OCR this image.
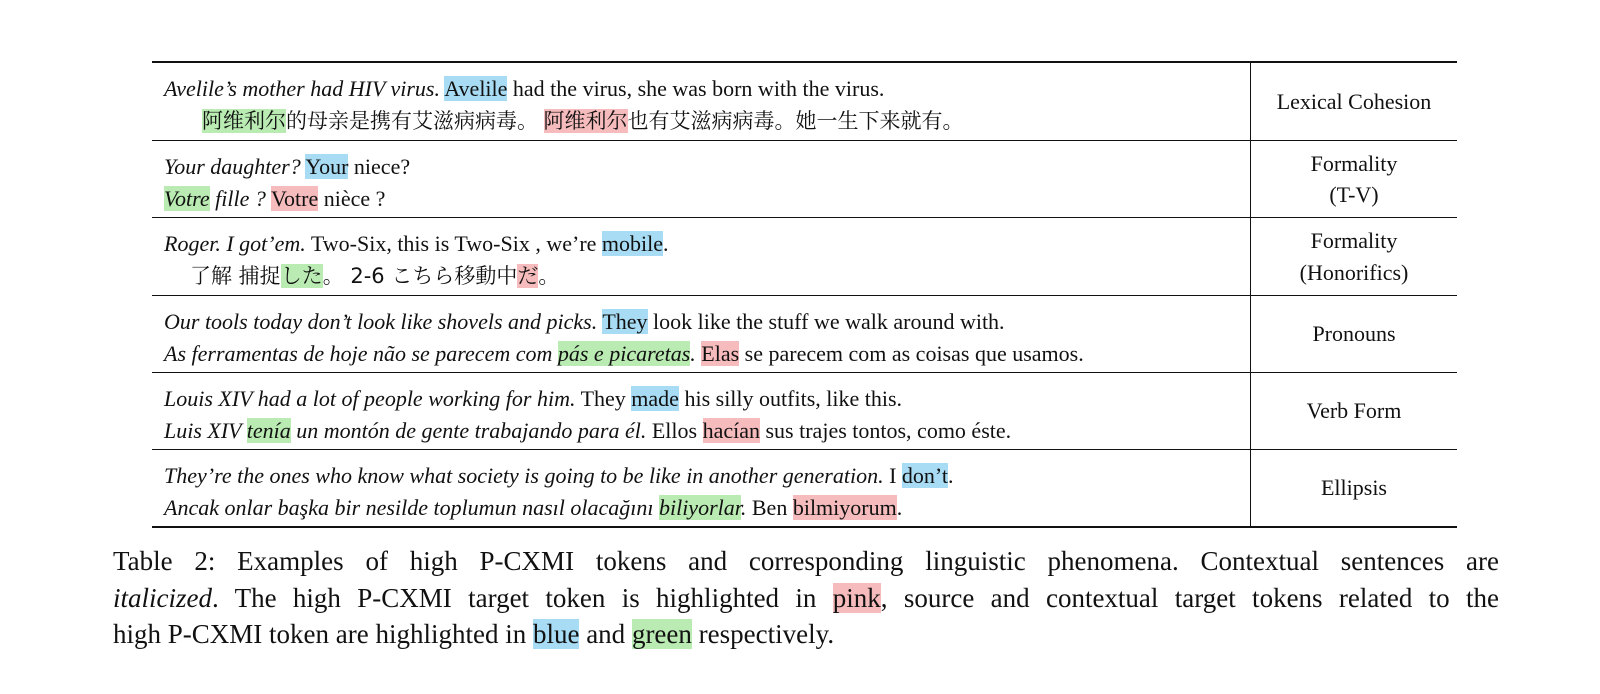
Avelile’s mother had HIV virus. Avelile had the virus, she was born with the virus.
阿维利尔的母亲是携有艾滋病病毒。 阿维利尔也有艾滋病病毒。她一生下来就有。	Lexical Cohesion

Your daughter? Your niece?
Votre fille ? Votre nièce ?	Formality
(T-V)

Roger. I got’em. Two-Six, this is Two-Six , we’re mobile.
了解 捕捉した。 2-6 こちら移動中だ。	Formality
(Honorifics)

Our tools today don’t look like shovels and picks. They look like the stuff we walk around with.
As ferramentas de hoje não se parecem com pás e picaretas. Elas se parecem com as coisas que usamos.	Pronouns

Louis XIV had a lot of people working for him. They made his silly outfits, like this.
Luis XIV tenía un montón de gente trabajando para él. Ellos hacían sus trajes tontos, como éste.	Verb Form

They’re the ones who know what society is going to be like in another generation. I don’t.
Ancak onlar başka bir nesilde toplumun nasıl olacağını biliyorlar. Ben bilmiyorum.	Ellipsis
Table 2: Examples of high P-CXMI tokens and corresponding linguistic phenomena. Contextual sentences are
italicized. The high P-CXMI target token is highlighted in pink, source and contextual target tokens related to the
high P-CXMI token are highlighted in blue and green respectively.
